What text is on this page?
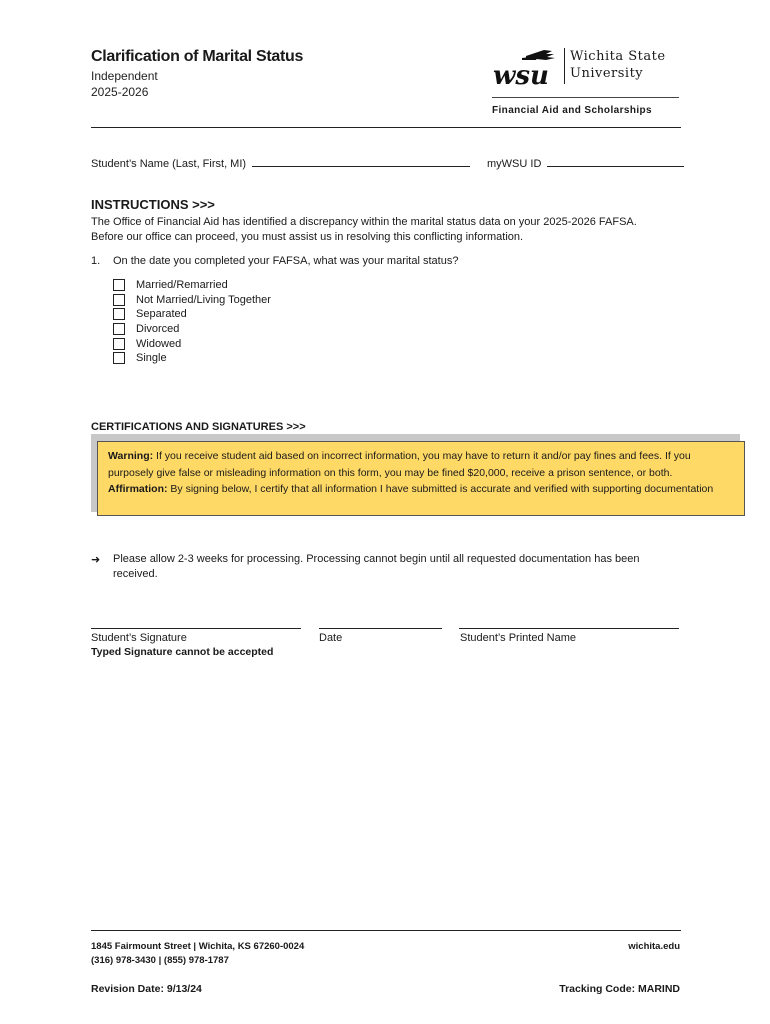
Clarification of Marital Status
Independent
2025-2026
wsu
Wichita State
University
Financial Aid and Scholarships
Student’s Name (Last, First, MI)	myWSU ID
INSTRUCTIONS >>>
The Office of Financial Aid has identified a discrepancy within the marital status data on your 2025-2026 FAFSA.
Before our office can proceed, you must assist us in resolving this conflicting information.
1. On the date you completed your FAFSA, what was your marital status?
Married/Remarried
Not Married/Living Together
Separated
Divorced
Widowed
Single
CERTIFICATIONS AND SIGNATURES >>>
Warning: If you receive student aid based on incorrect information, you may have to return it and/or pay fines and fees. If you purposely give false or misleading information on this form, you may be fined $20,000, receive a prison sentence, or both.
Affirmation: By signing below, I certify that all information I have submitted is accurate and verified with supporting documentation
➜	Please allow 2-3 weeks for processing. Processing cannot begin until all requested documentation has been received.
Student’s Signature	Date	Student’s Printed Name
Typed Signature cannot be accepted
1845 Fairmount Street | Wichita, KS 67260-0024
(316) 978-3430 | (855) 978-1787
wichita.edu
Revision Date: 9/13/24	Tracking Code: MARIND
